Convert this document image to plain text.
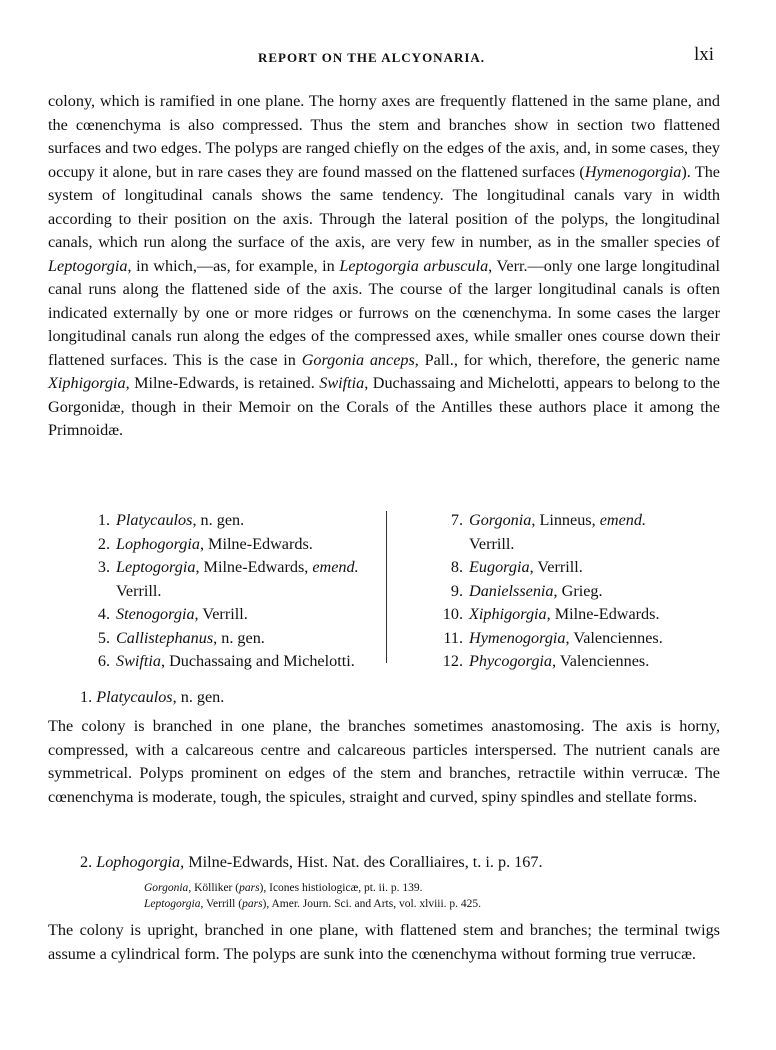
REPORT ON THE ALCYONARIA.	lxi

colony, which is ramified in one plane. The horny axes are frequently flattened in the same plane, and the cœnenchyma is also compressed. Thus the stem and branches show in section two flattened surfaces and two edges. The polyps are ranged chiefly on the edges of the axis, and, in some cases, they occupy it alone, but in rare cases they are found massed on the flattened surfaces (Hymenogorgia). The system of longitudinal canals shows the same tendency. The longitudinal canals vary in width according to their position on the axis. Through the lateral position of the polyps, the longitudinal canals, which run along the surface of the axis, are very few in number, as in the smaller species of Leptogorgia, in which,—as, for example, in Leptogorgia arbuscula, Verr.—only one large longitudinal canal runs along the flattened side of the axis. The course of the larger longitudinal canals is often indicated externally by one or more ridges or furrows on the cœnenchyma. In some cases the larger longitudinal canals run along the edges of the compressed axes, while smaller ones course down their flattened surfaces. This is the case in Gorgonia anceps, Pall., for which, therefore, the generic name Xiphigorgia, Milne-Edwards, is retained. Swiftia, Duchassaing and Michelotti, appears to belong to the Gorgonidæ, though in their Memoir on the Corals of the Antilles these authors place it among the Primnoidæ.

1. Platycaulos, n. gen.
2. Lophogorgia, Milne-Edwards.
3. Leptogorgia, Milne-Edwards, emend.
Verrill.
4. Stenogorgia, Verrill.
5. Callistephanus, n. gen.
6. Swiftia, Duchassaing and Michelotti.
7. Gorgonia, Linneus, emend.
Verrill.
8. Eugorgia, Verrill.
9. Danielssenia, Grieg.
10. Xiphigorgia, Milne-Edwards.
11. Hymenogorgia, Valenciennes.
12. Phycogorgia, Valenciennes.
1. Platycaulos, n. gen.

The colony is branched in one plane, the branches sometimes anastomosing. The axis is horny, compressed, with a calcareous centre and calcareous particles interspersed. The nutrient canals are symmetrical. Polyps prominent on edges of the stem and branches, retractile within verrucæ. The cœnenchyma is moderate, tough, the spicules, straight and curved, spiny spindles and stellate forms.

2. Lophogorgia, Milne-Edwards, Hist. Nat. des Coralliaires, t. i. p. 167.
Gorgonia, Kölliker (pars), Icones histiologicæ, pt. ii. p. 139.
Leptogorgia, Verrill (pars), Amer. Journ. Sci. and Arts, vol. xlviii. p. 425.

The colony is upright, branched in one plane, with flattened stem and branches; the terminal twigs assume a cylindrical form. The polyps are sunk into the cœnenchyma without forming true verrucæ.
